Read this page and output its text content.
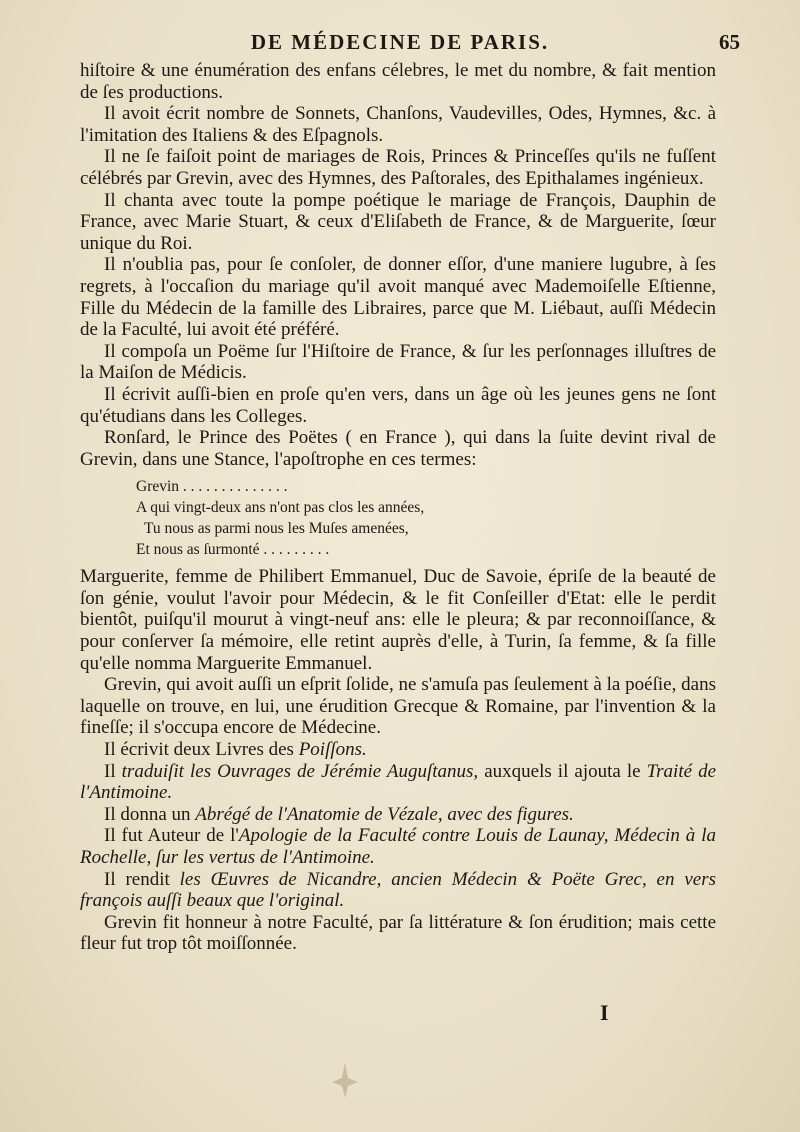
DE MÉDECINE DE PARIS.	65

hiſtoire & une énumération des enfans célebres, le met du nombre, & fait mention de ſes productions.

Il avoit écrit nombre de Sonnets, Chanſons, Vaudevilles, Odes, Hymnes, &c. à l'imitation des Italiens & des Eſpagnols.

Il ne ſe faiſoit point de mariages de Rois, Princes & Princeſſes qu'ils ne fuſſent célébrés par Grevin, avec des Hymnes, des Paſtorales, des Epithalames ingénieux.

Il chanta avec toute la pompe poétique le mariage de François, Dauphin de France, avec Marie Stuart, & ceux d'Eliſabeth de France, & de Marguerite, ſœur unique du Roi.

Il n'oublia pas, pour ſe conſoler, de donner eſſor, d'une maniere lugubre, à ſes regrets, à l'occaſion du mariage qu'il avoit manqué avec Mademoiſelle Eſtienne, Fille du Médecin de la famille des Libraires, parce que M. Liébaut, auſſi Médecin de la Faculté, lui avoit été préféré.

Il compoſa un Poëme ſur l'Hiſtoire de France, & ſur les perſonnages illuſtres de la Maiſon de Médicis.

Il écrivit auſſi-bien en proſe qu'en vers, dans un âge où les jeunes gens ne ſont qu'étudians dans les Colleges.

Ronſard, le Prince des Poëtes ( en France ), qui dans la ſuite devint rival de Grevin, dans une Stance, l'apoſtrophe en ces termes:

Grevin . . . . . . . . . . . . . .
A qui vingt-deux ans n'ont pas clos les années,
Tu nous as parmi nous les Muſes amenées,
Et nous as ſurmonté . . . . . . . . .

Marguerite, femme de Philibert Emmanuel, Duc de Savoie, épriſe de la beauté de ſon génie, voulut l'avoir pour Médecin, & le fit Conſeiller d'Etat: elle le perdit bientôt, puiſqu'il mourut à vingt-neuf ans: elle le pleura; & par reconnoiſſance, & pour conſerver ſa mémoire, elle retint auprès d'elle, à Turin, ſa femme, & ſa fille qu'elle nomma Marguerite Emmanuel.

Grevin, qui avoit auſſi un eſprit ſolide, ne s'amuſa pas ſeulement à la poéſie, dans laquelle on trouve, en lui, une érudition Grecque & Romaine, par l'invention & la fineſſe; il s'occupa encore de Médecine.

Il écrivit deux Livres des Poiſſons.

Il traduiſit les Ouvrages de Jérémie Auguſtanus, auxquels il ajouta le Traité de l'Antimoine.

Il donna un Abrégé de l'Anatomie de Vézale, avec des figures.

Il fut Auteur de l'Apologie de la Faculté contre Louis de Launay, Médecin à la Rochelle, ſur les vertus de l'Antimoine.

Il rendit les Œuvres de Nicandre, ancien Médecin & Poëte Grec, en vers françois auſſi beaux que l'original.

Grevin fit honneur à notre Faculté, par ſa littérature & ſon érudition; mais cette fleur fut trop tôt moiſſonnée.

I
